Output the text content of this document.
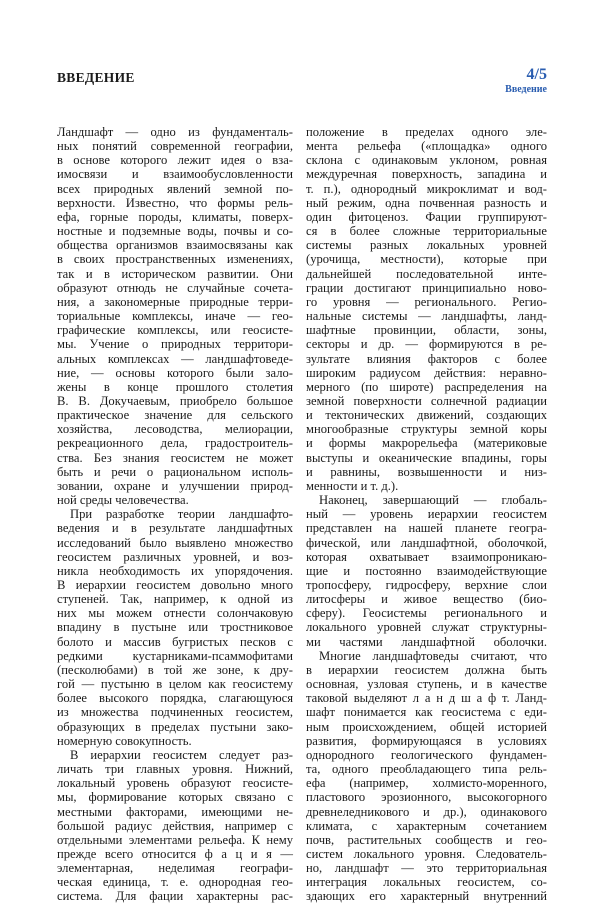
ВВЕДЕНИЕ	4/5
Введение
Ландшафт — одно из фундаменталь-
ных понятий современной географии,
в основе которого лежит идея о вза-
имосвязи и взаимообусловленности
всех природных явлений земной по-
верхности. Известно, что формы рель-
ефа, горные породы, климаты, поверх-
ностные и подземные воды, почвы и со-
общества организмов взаимосвязаны как
в своих пространственных изменениях,
так и в историческом развитии. Они
образуют отнюдь не случайные сочета-
ния, а закономерные природные терри-
ториальные комплексы, иначе — гео-
графические комплексы, или геосисте-
мы. Учение о природных территори-
альных комплексах — ландшафтоведе-
ние, — основы которого были зало-
жены в конце прошлого столетия
В. В. Докучаевым, приобрело большое
практическое значение для сельского
хозяйства, лесоводства, мелиорации,
рекреационного дела, градостроитель-
ства. Без знания геосистем не может
быть и речи о рациональном исполь-
зовании, охране и улучшении природ-
ной среды человечества.
При разработке теории ландшафто-
ведения и в результате ландшафтных
исследований было выявлено множество
геосистем различных уровней, и воз-
никла необходимость их упорядочения.
В иерархии геосистем довольно много
ступеней. Так, например, к одной из
них мы можем отнести солончаковую
впадину в пустыне или тростниковое
болото и массив бугристых песков с
редкими кустарниками-псаммофитами
(песколюбами) в той же зоне, к дру-
гой — пустыню в целом как геосистему
более высокого порядка, слагающуюся
из множества подчиненных геосистем,
образующих в пределах пустыни зако-
номерную совокупность.
В иерархии геосистем следует раз-
личать три главных уровня. Нижний,
локальный уровень образуют геосисте-
мы, формирование которых связано с
местными факторами, имеющими не-
большой радиус действия, например с
отдельными элементами рельефа. К нему
прежде всего относится ф а ц и я —
элементарная, неделимая географи-
ческая единица, т. е. однородная гео-
система. Для фации характерны рас-
положение в пределах одного эле-
мента рельефа («площадка» одного
склона с одинаковым уклоном, ровная
междуречная поверхность, западина и
т. п.), однородный микроклимат и вод-
ный режим, одна почвенная разность и
один фитоценоз. Фации группируют-
ся в более сложные территориальные
системы разных локальных уровней
(урочища, местности), которые при
дальнейшей последовательной инте-
грации достигают принципиально ново-
го уровня — регионального. Регио-
нальные системы — ландшафты, ланд-
шафтные провинции, области, зоны,
секторы и др. — формируются в ре-
зультате влияния факторов с более
широким радиусом действия: неравно-
мерного (по широте) распределения на
земной поверхности солнечной радиации
и тектонических движений, создающих
многообразные структуры земной коры
и формы макрорельефа (материковые
выступы и океанические впадины, горы
и равнины, возвышенности и низ-
менности и т. д.).
Наконец, завершающий — глобаль-
ный — уровень иерархии геосистем
представлен на нашей планете геогра-
фической, или ландшафтной, оболочкой,
которая охватывает взаимопроникаю-
щие и постоянно взаимодействующие
тропосферу, гидросферу, верхние слои
литосферы и живое вещество (био-
сферу). Геосистемы регионального и
локального уровней служат структурны-
ми частями ландшафтной оболочки.
Многие ландшафтоведы считают, что
в иерархии геосистем должна быть
основная, узловая ступень, и в качестве
таковой выделяют л а н д ш а ф т. Ланд-
шафт понимается как геосистема с еди-
ным происхождением, общей историей
развития, формирующаяся в условиях
однородного геологического фундамен-
та, одного преобладающего типа рель-
ефа (например, холмисто-моренного,
пластового эрозионного, высокогорного
древнеледникового и др.), одинакового
климата, с характерным сочетанием
почв, растительных сообществ и гео-
систем локального уровня. Следователь-
но, ландшафт — это территориальная
интеграция локальных геосистем, со-
здающих его характерный внутренний
